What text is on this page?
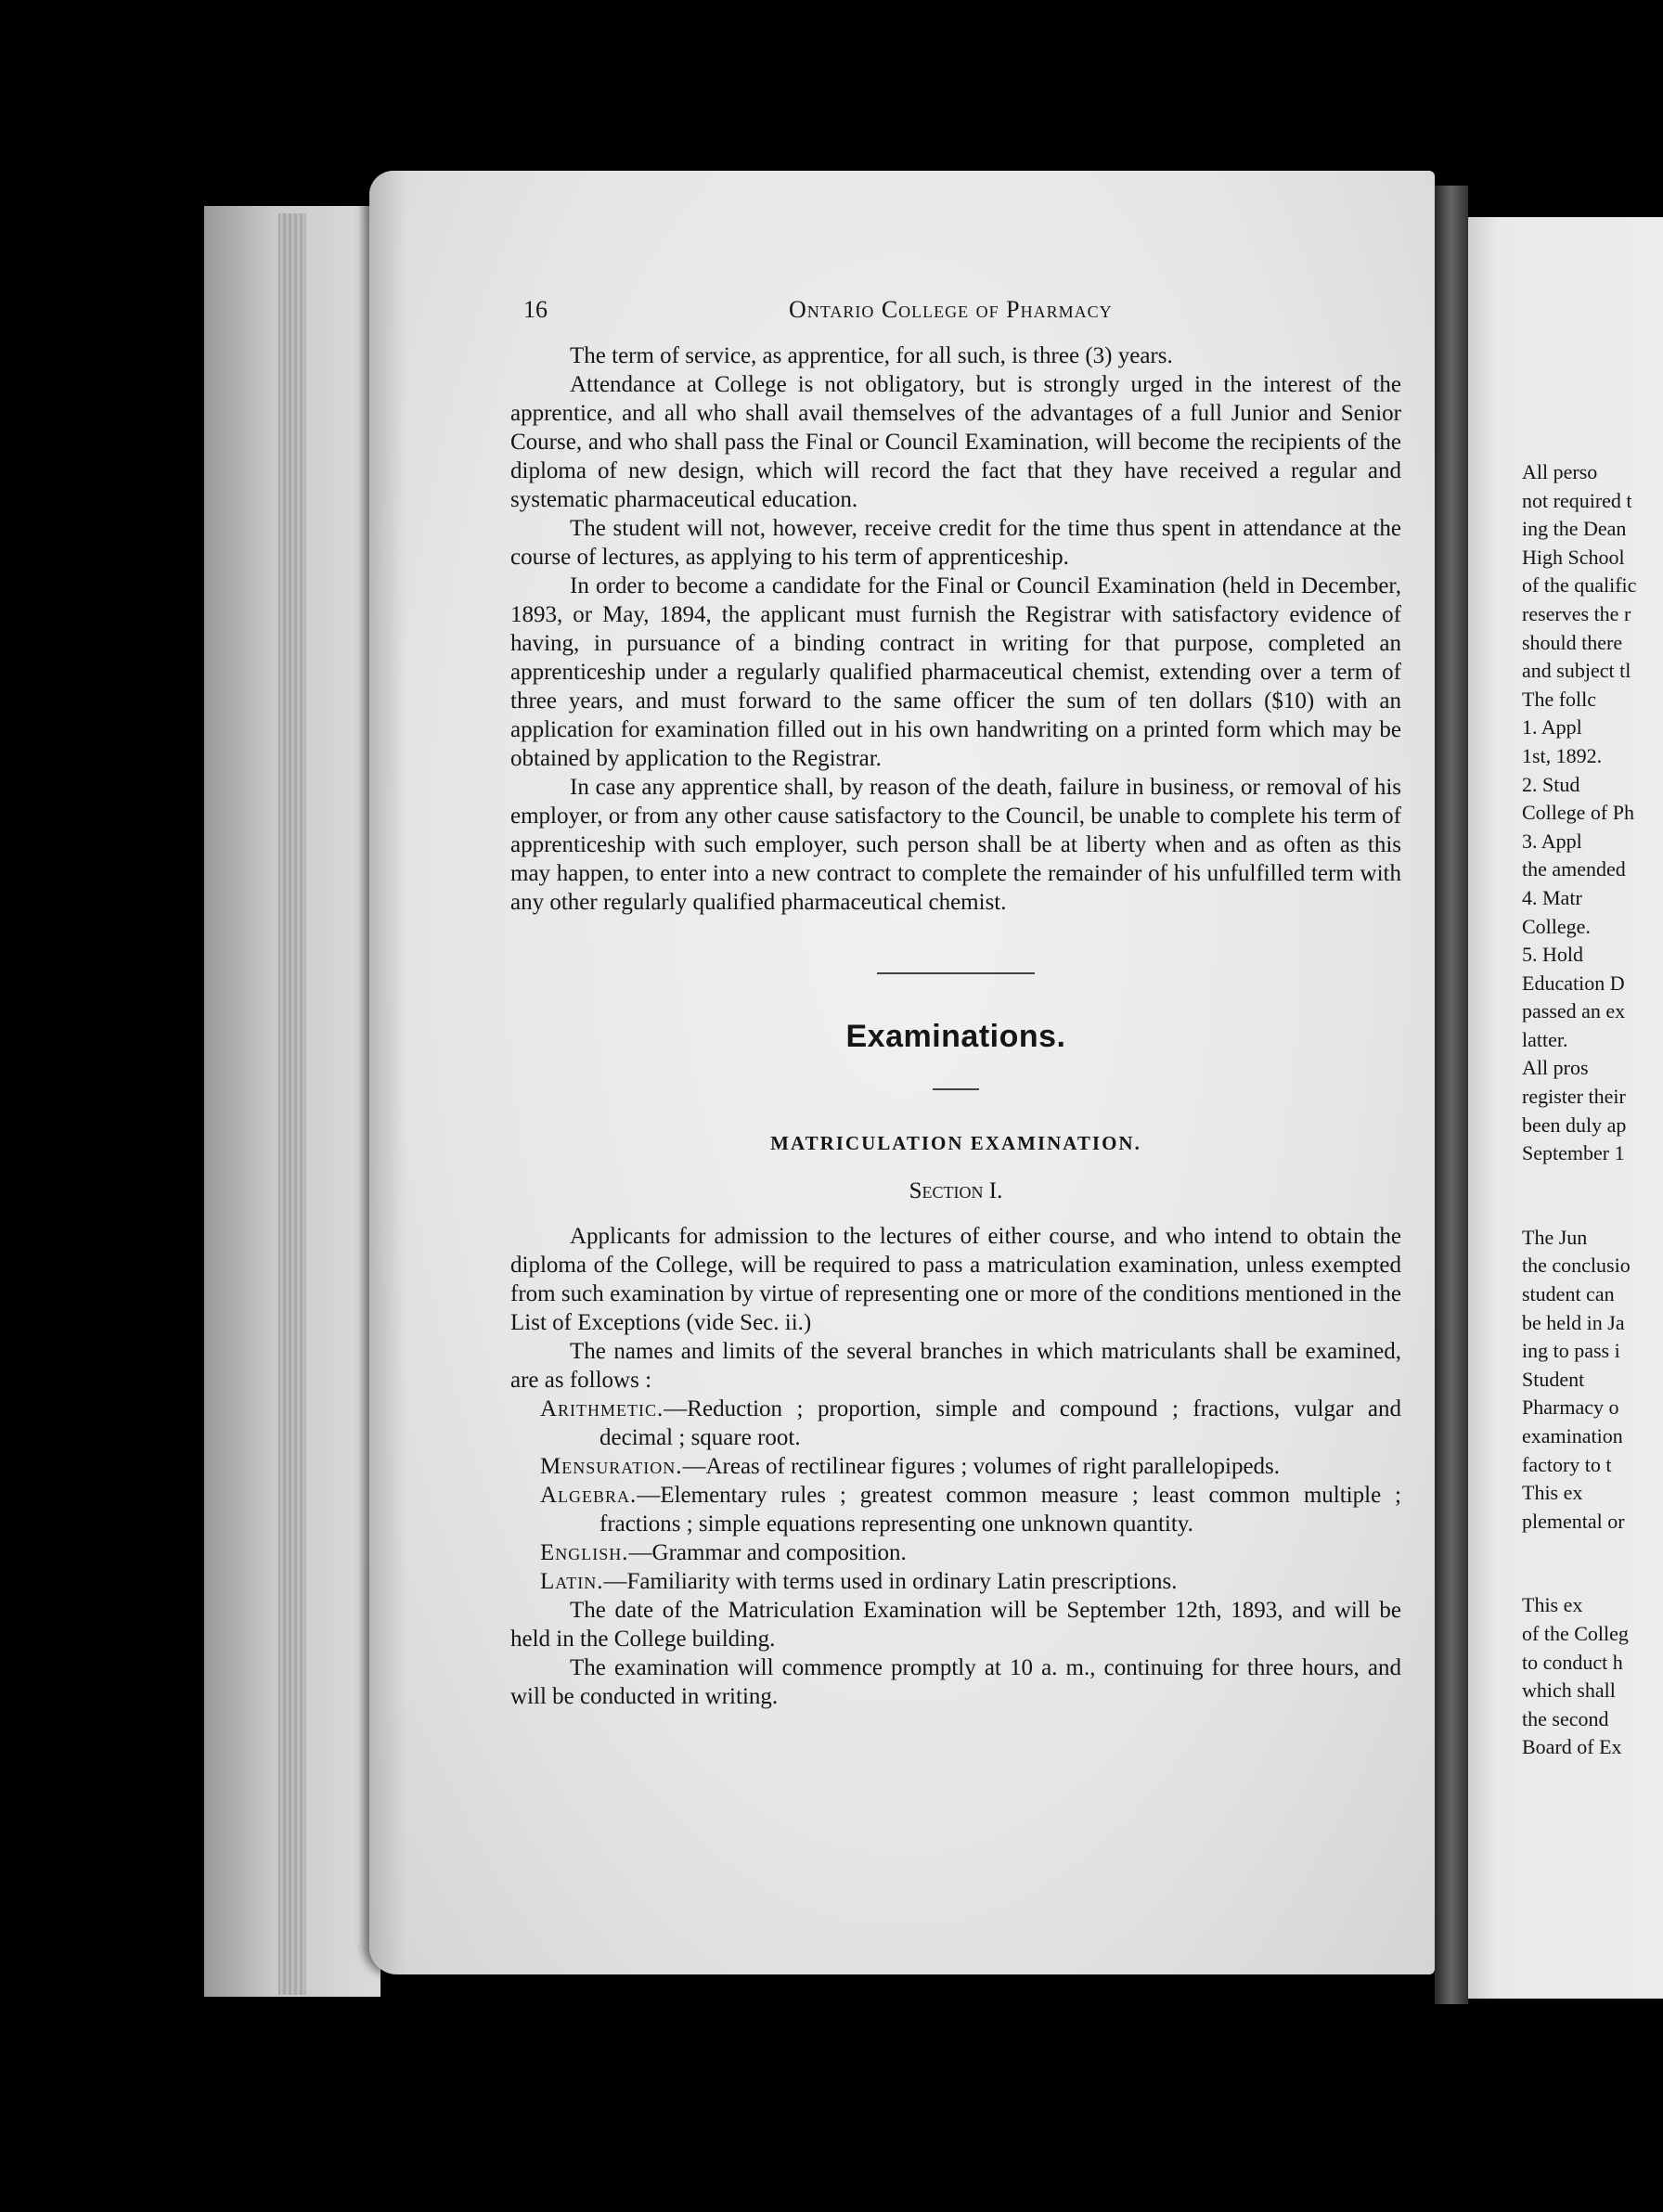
16	Ontario College of Pharmacy

The term of service, as apprentice, for all such, is three (3) years.

Attendance at College is not obligatory, but is strongly urged in the interest of the apprentice, and all who shall avail themselves of the advantages of a full Junior and Senior Course, and who shall pass the Final or Council Examination, will become the recipients of the diploma of new design, which will record the fact that they have received a regular and systematic pharmaceutical education.

The student will not, however, receive credit for the time thus spent in attendance at the course of lectures, as applying to his term of apprenticeship.

In order to become a candidate for the Final or Council Examination (held in December, 1893, or May, 1894, the applicant must furnish the Registrar with satisfactory evidence of having, in pursuance of a binding contract in writing for that purpose, completed an apprenticeship under a regularly qualified pharmaceutical chemist, extending over a term of three years, and must forward to the same officer the sum of ten dollars ($10) with an application for examination filled out in his own handwriting on a printed form which may be obtained by application to the Registrar.

In case any apprentice shall, by reason of the death, failure in business, or removal of his employer, or from any other cause satisfactory to the Council, be unable to complete his term of apprenticeship with such employer, such person shall be at liberty when and as often as this may happen, to enter into a new contract to complete the remainder of his unfulfilled term with any other regularly qualified pharmaceutical chemist.

Examinations.
MATRICULATION EXAMINATION.
Section I.

Applicants for admission to the lectures of either course, and who intend to obtain the diploma of the College, will be required to pass a matriculation examination, unless exempted from such examination by virtue of representing one or more of the conditions mentioned in the List of Exceptions (vide Sec. ii.)

The names and limits of the several branches in which matriculants shall be examined, are as follows :

Arithmetic.—Reduction ; proportion, simple and compound ; fractions, vulgar and decimal ; square root.

Mensuration.—Areas of rectilinear figures ; volumes of right parallelopipeds.

Algebra.—Elementary rules ; greatest common measure ; least common multiple ; fractions ; simple equations representing one unknown quantity.

English.—Grammar and composition.

Latin.—Familiarity with terms used in ordinary Latin prescriptions.

The date of the Matriculation Examination will be September 12th, 1893, and will be held in the College building.

The examination will commence promptly at 10 a. m., continuing for three hours, and will be conducted in writing.

All perso
not required t
ing the Dean
High School
of the qualific
reserves the r
should there
and subject tl
The follc
1. Appl
1st, 1892.
2. Stud
College of Ph
3. Appl
the amended
4. Matr
College.
5. Hold
Education D
passed an ex
latter.
All pros
register their
been duly ap
September 1
The Jun
the conclusio
student can
be held in Ja
ing to pass i
Student
Pharmacy o
examination
factory to t
This ex
plemental or
This ex
of the Colleg
to conduct h
which shall
the second
Board of Ex
